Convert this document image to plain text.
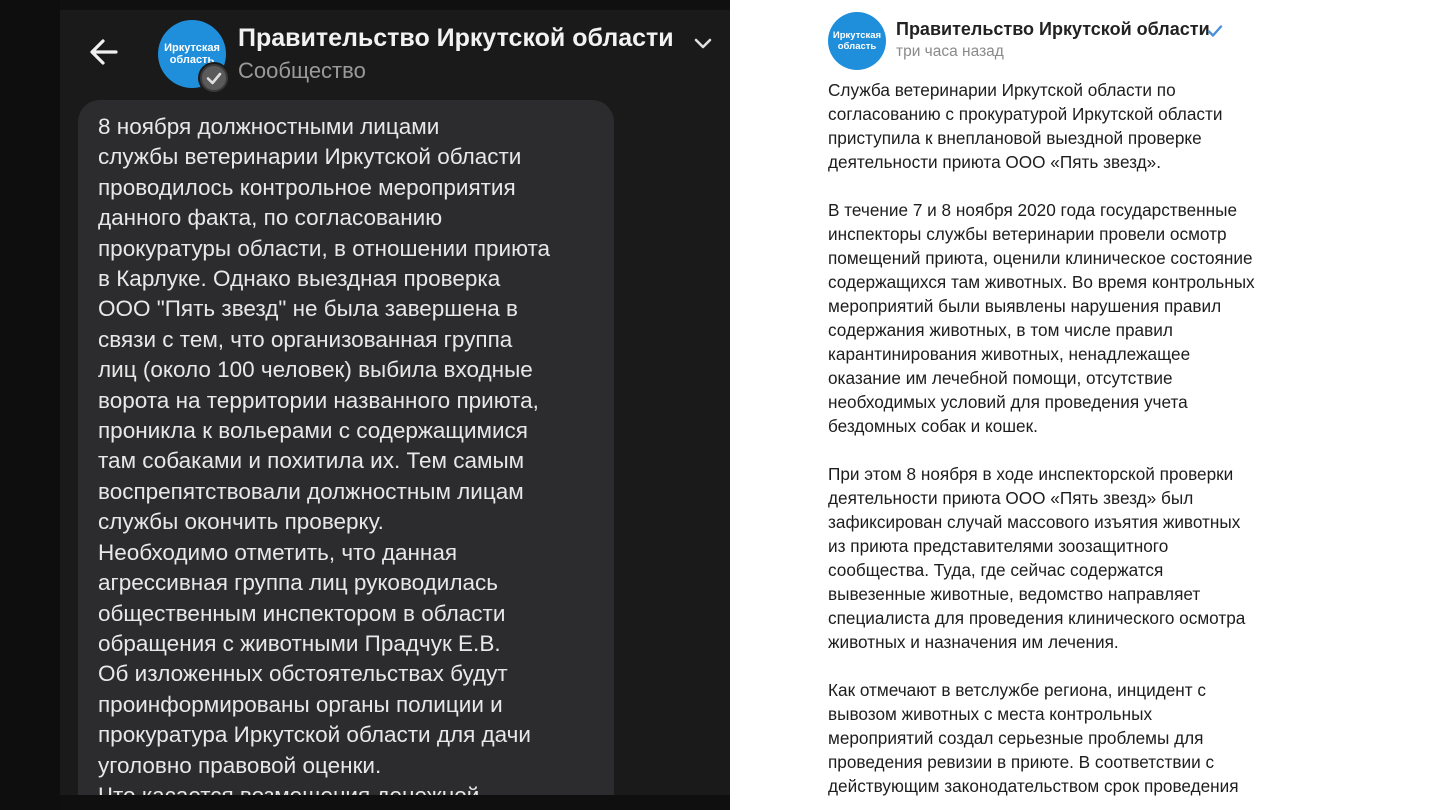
Иркутская
область
Правительство Иркутской области
Сообщество
8 ноября должностными лицами
службы ветеринарии Иркутской области
проводилось контрольное мероприятия
данного факта, по согласованию
прокуратуры области, в отношении приюта
в Карлуке. Однако выездная проверка
ООО "Пять звезд" не была завершена в
связи с тем, что организованная группа
лиц (около 100 человек) выбила входные
ворота на территории названного приюта,
проникла к вольерами с содержащимися
там собаками и похитила их. Тем самым
воспрепятствовали должностным лицам
службы окончить проверку.
Необходимо отметить, что данная
агрессивная группа лиц руководилась
общественным инспектором в области
обращения с животными Прадчук Е.В.
Об изложенных обстоятельствах будут
проинформированы органы полиции и
прокуратура Иркутской области для дачи
уголовно правовой оценки.
Иркутская
область
Правительство Иркутской области
три часа назад
Служба ветеринарии Иркутской области по
согласованию с прокуратурой Иркутской области
приступила к внеплановой выездной проверке
деятельности приюта ООО «Пять звезд».
В течение 7 и 8 ноября 2020 года государственные
инспекторы службы ветеринарии провели осмотр
помещений приюта, оценили клиническое состояние
содержащихся там животных. Во время контрольных
мероприятий были выявлены нарушения правил
содержания животных, в том числе правил
карантинирования животных, ненадлежащее
оказание им лечебной помощи, отсутствие
необходимых условий для проведения учета
бездомных собак и кошек.
При этом 8 ноября в ходе инспекторской проверки
деятельности приюта ООО «Пять звезд» был
зафиксирован случай массового изъятия животных
из приюта представителями зоозащитного
сообщества. Туда, где сейчас содержатся
вывезенные животные, ведомство направляет
специалиста для проведения клинического осмотра
животных и назначения им лечения.
Как отмечают в ветслужбе региона, инцидент с
вывозом животных с места контрольных
мероприятий создал серьезные проблемы для
проведения ревизии в приюте. В соответствии с
действующим законодательством срок проведения
